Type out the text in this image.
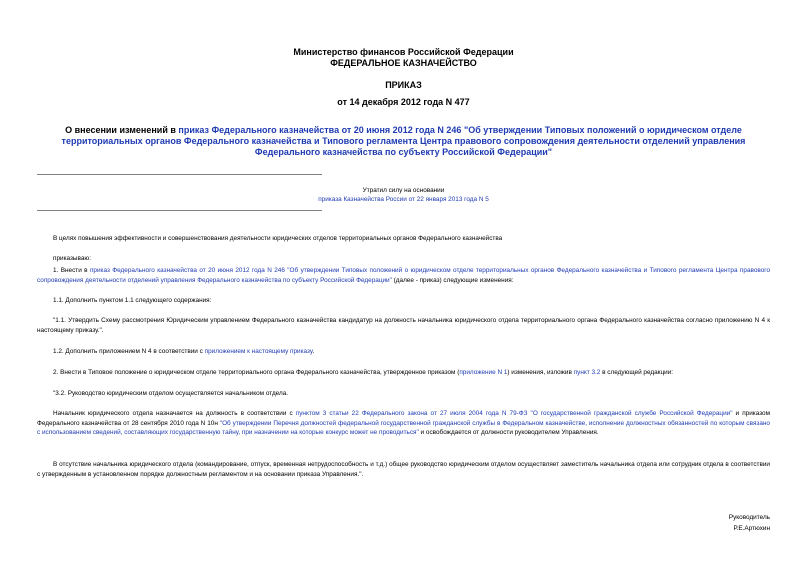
Министерство финансов Российской Федерации
ФЕДЕРАЛЬНОЕ КАЗНАЧЕЙСТВО
ПРИКАЗ
от 14 декабря 2012 года N 477
О внесении изменений в приказ Федерального казначейства от 20 июня 2012 года N 246 "Об утверждении Типовых положений о юридическом отделе территориальных органов Федерального казначейства и Типового регламента Центра правового сопровождения деятельности отделений управления Федерального казначейства по субъекту Российской Федерации"
Утратил силу на основании
приказа Казначейства России от 22 января 2013 года N 5
В целях повышения эффективности и совершенствования деятельности юридических отделов территориальных органов Федерального казначейства
приказываю:
1. Внести в приказ Федерального казначейства от 20 июня 2012 года N 246 "Об утверждении Типовых положений о юридическом отделе территориальных органов Федерального казначейства и Типового регламента Центра правового сопровождения деятельности отделений управления Федерального казначейства по субъекту Российской Федерации" (далее - приказ) следующие изменения:
1.1. Дополнить пунктом 1.1 следующего содержания:
"1.1. Утвердить Схему рассмотрения Юридическим управлением Федерального казначейства кандидатур на должность начальника юридического отдела территориального органа Федерального казначейства согласно приложению N 4 к настоящему приказу.".
1.2. Дополнить приложением N 4 в соответствии с приложением к настоящему приказу.
2. Внести в Типовое положение о юридическом отделе территориального органа Федерального казначейства, утвержденное приказом (приложение N 1) изменения, изложив пункт 3.2 в следующей редакции:
"3.2. Руководство юридическим отделом осуществляется начальником отдела.
Начальник юридического отдела назначается на должность в соответствии с пунктом 3 статьи 22 Федерального закона от 27 июля 2004 года N 79-ФЗ "О государственной гражданской службе Российской Федерации" и приказом Федерального казначейства от 28 сентября 2010 года N 10н "Об утверждении Перечня должностей федеральной государственной гражданской службы в Федеральном казначействе, исполнение должностных обязанностей по которым связано с использованием сведений, составляющих государственную тайну, при назначении на которые конкурс может не проводиться" и освобождается от должности руководителем Управления.
В отсутствие начальника юридического отдела (командирование, отпуск, временная нетрудоспособность и т.д.) общее руководство юридическим отделом осуществляет заместитель начальника отдела или сотрудник отдела в соответствии с утвержденным в установленном порядке должностным регламентом и на основании приказа Управления.".
Руководитель
Р.Е.Артюхин
